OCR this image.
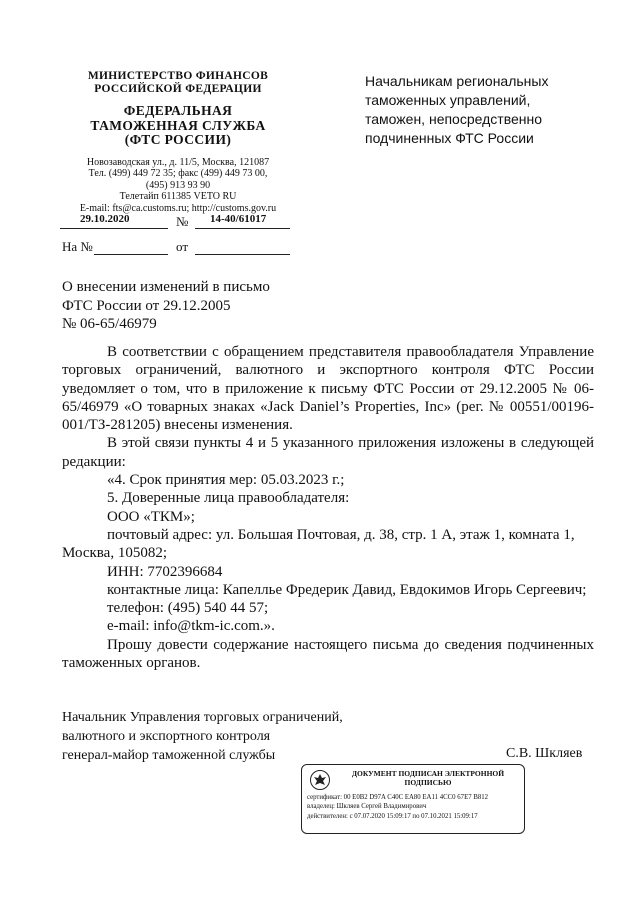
МИНИСТЕРСТВО ФИНАНСОВ
РОССИЙСКОЙ ФЕДЕРАЦИИ
ФЕДЕРАЛЬНАЯ
ТАМОЖЕННАЯ СЛУЖБА
(ФТС РОССИИ)
Новозаводская ул., д. 11/5, Москва, 121087
Тел. (499) 449 72 35; факс (499) 449 73 00,
(495) 913 93 90
Телетайп 611385 VETO RU
E-mail: fts@ca.customs.ru; http://customs.gov.ru
29.10.2020	№ 14-40/61017
На №	от
Начальникам региональных
таможенных управлений,
таможен, непосредственно
подчиненных ФТС России
О внесении изменений в письмо
ФТС России от 29.12.2005
№ 06-65/46979

В соответствии с обращением представителя правообладателя Управление торговых ограничений, валютного и экспортного контроля ФТС России уведомляет о том, что в приложение к письму ФТС России от 29.12.2005 № 06-65/46979 «О товарных знаках «Jack Daniel’s Properties, Inc» (рег. № 00551/00196-001/ТЗ-281205) внесены изменения.

В этой связи пункты 4 и 5 указанного приложения изложены в следующей редакции:

«4. Срок принятия мер: 05.03.2023 г.;

5. Доверенные лица правообладателя:

ООО «ТКМ»;

почтовый адрес: ул. Большая Почтовая, д. 38, стр. 1 А, этаж 1, комната 1,

Москва, 105082;

ИНН: 7702396684

контактные лица: Капеллье Фредерик Давид, Евдокимов Игорь Сергеевич;

телефон: (495) 540 44 57;

e-mail: info@tkm-ic.com.».

Прошу довести содержание настоящего письма до сведения подчиненных таможенных органов.

Начальник Управления торговых ограничений,
валютного и экспортного контроля
генерал-майор таможенной службы	С.В. Шкляев
ДОКУМЕНТ ПОДПИСАН ЭЛЕКТРОННОЙ
ПОДПИСЬЮ
сертификат: 00 E0B2 D97A C40C EA80 EA11 4CC0 67E7 B812
владелец: Шкляев Сергей Владимирович
действителен: с 07.07.2020 15:09:17 по 07.10.2021 15:09:17
